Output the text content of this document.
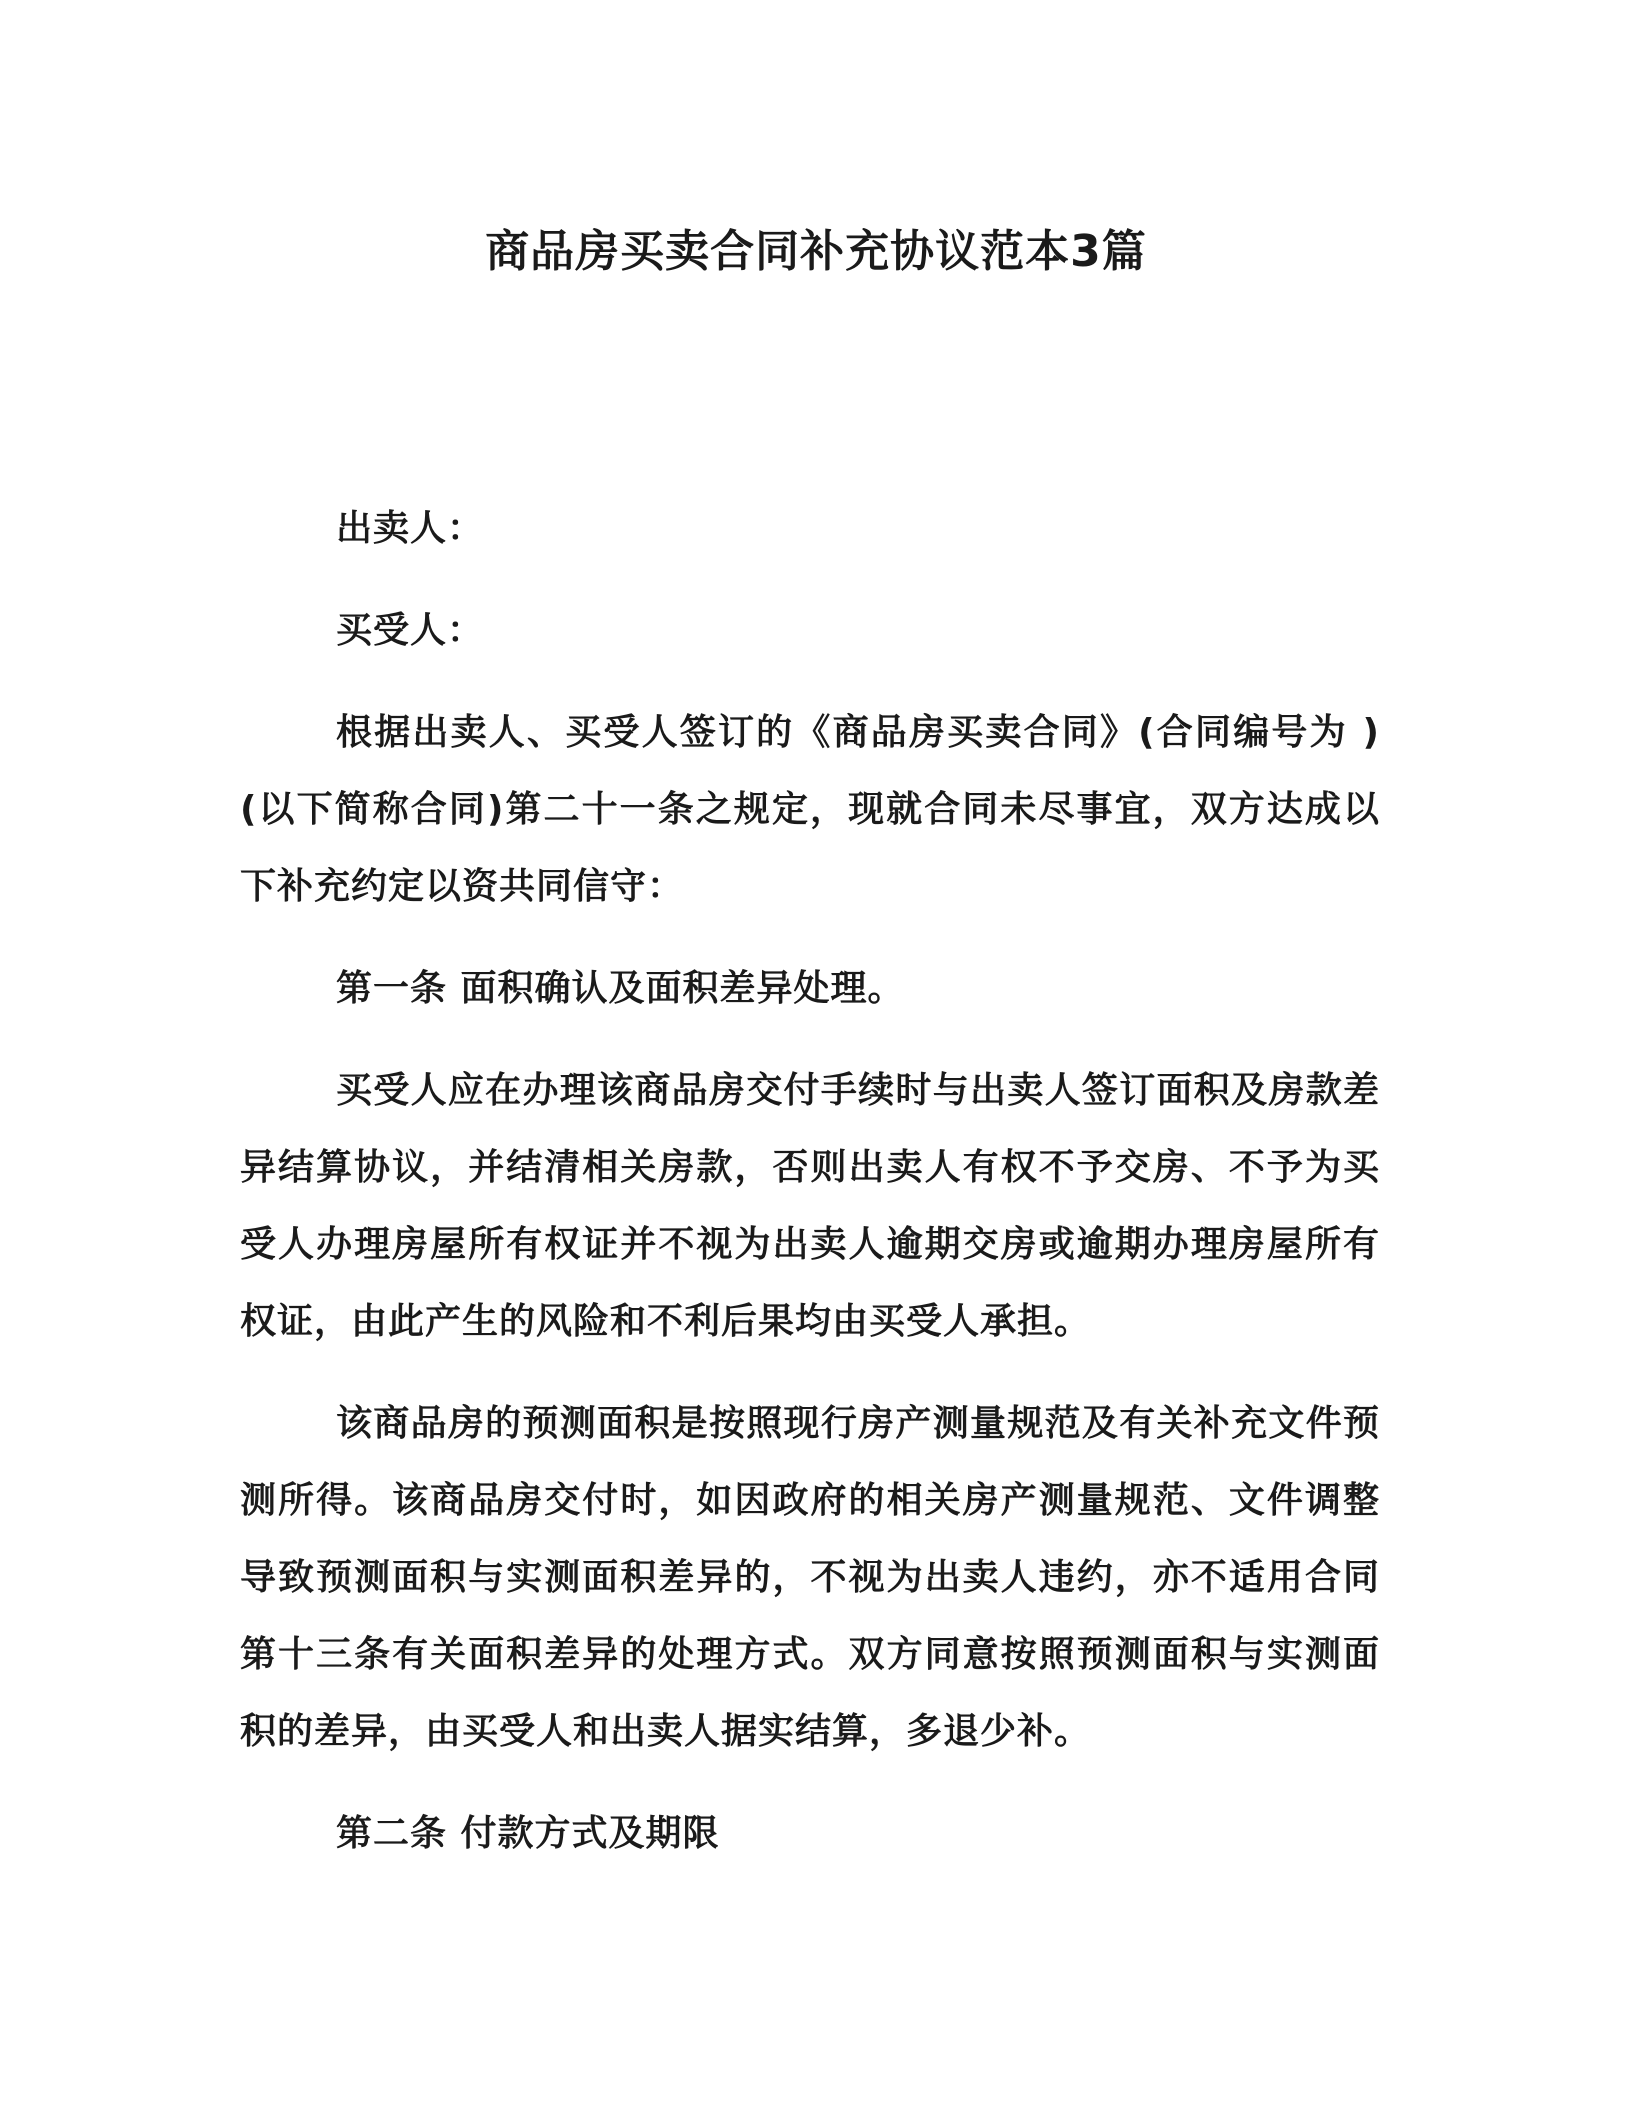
商品房买卖合同补充协议范本3篇

出卖人：

买受人：

根据出卖人、买受人签订的《商品房买卖合同》(合同编号为 )(以下简称合同)第二十一条之规定，现就合同未尽事宜，双方达成以下补充约定以资共同信守：

第一条 面积确认及面积差异处理。

买受人应在办理该商品房交付手续时与出卖人签订面积及房款差异结算协议，并结清相关房款，否则出卖人有权不予交房、不予为买受人办理房屋所有权证并不视为出卖人逾期交房或逾期办理房屋所有权证，由此产生的风险和不利后果均由买受人承担。

该商品房的预测面积是按照现行房产测量规范及有关补充文件预测所得。该商品房交付时，如因政府的相关房产测量规范、文件调整导致预测面积与实测面积差异的，不视为出卖人违约，亦不适用合同第十三条有关面积差异的处理方式。双方同意按照预测面积与实测面积的差异，由买受人和出卖人据实结算，多退少补。

第二条 付款方式及期限
